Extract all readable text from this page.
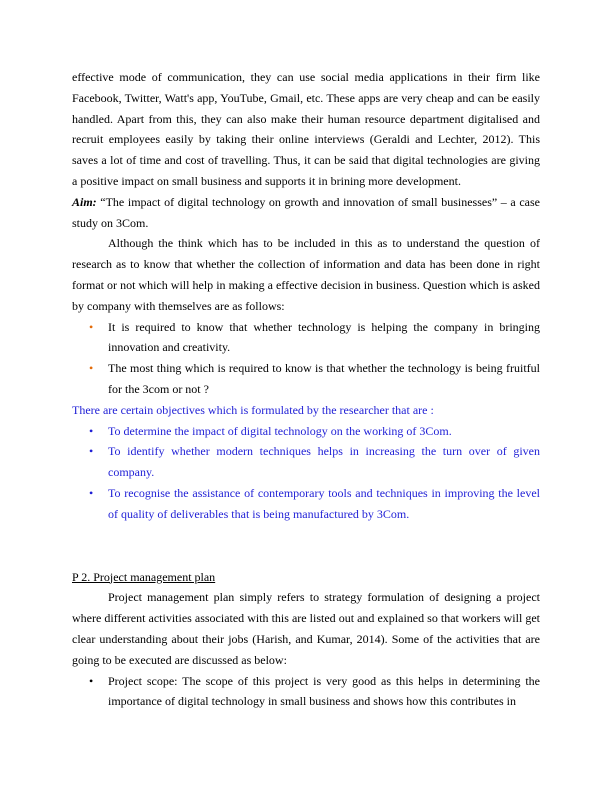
effective mode of communication, they can use social media applications in their firm like Facebook, Twitter, Watt's app, YouTube, Gmail, etc. These apps are very cheap and can be easily handled. Apart from this, they can also make their human resource department digitalised and recruit employees easily by taking their online interviews (Geraldi and Lechter, 2012). This saves a lot of time and cost of travelling. Thus, it can be said that digital technologies are giving a positive impact on small business and supports it in brining more development.

Aim: “The impact of digital technology on growth and innovation of small businesses” – a case study on 3Com.

Although the think which has to be included in this as to understand the question of research as to know that whether the collection of information and data has been done in right format or not which will help in making a effective decision in business. Question which is asked by company with themselves are as follows:

• It is required to know that whether technology is helping the company in bringing innovation and creativity.
• The most thing which is required to know is that whether the technology is being fruitful for the 3com or not ?

There are certain objectives which is formulated by the researcher that are :

• To determine the impact of digital technology on the working of 3Com.
• To identify whether modern techniques helps in increasing the turn over of given company.
• To recognise the assistance of contemporary tools and techniques in improving the level of quality of deliverables that is being manufactured by 3Com.

P 2. Project management plan

Project management plan simply refers to strategy formulation of designing a project where different activities associated with this are listed out and explained so that workers will get clear understanding about their jobs (Harish, and Kumar, 2014). Some of the activities that are going to be executed are discussed as below:

• Project scope: The scope of this project is very good as this helps in determining the importance of digital technology in small business and shows how this contributes in
